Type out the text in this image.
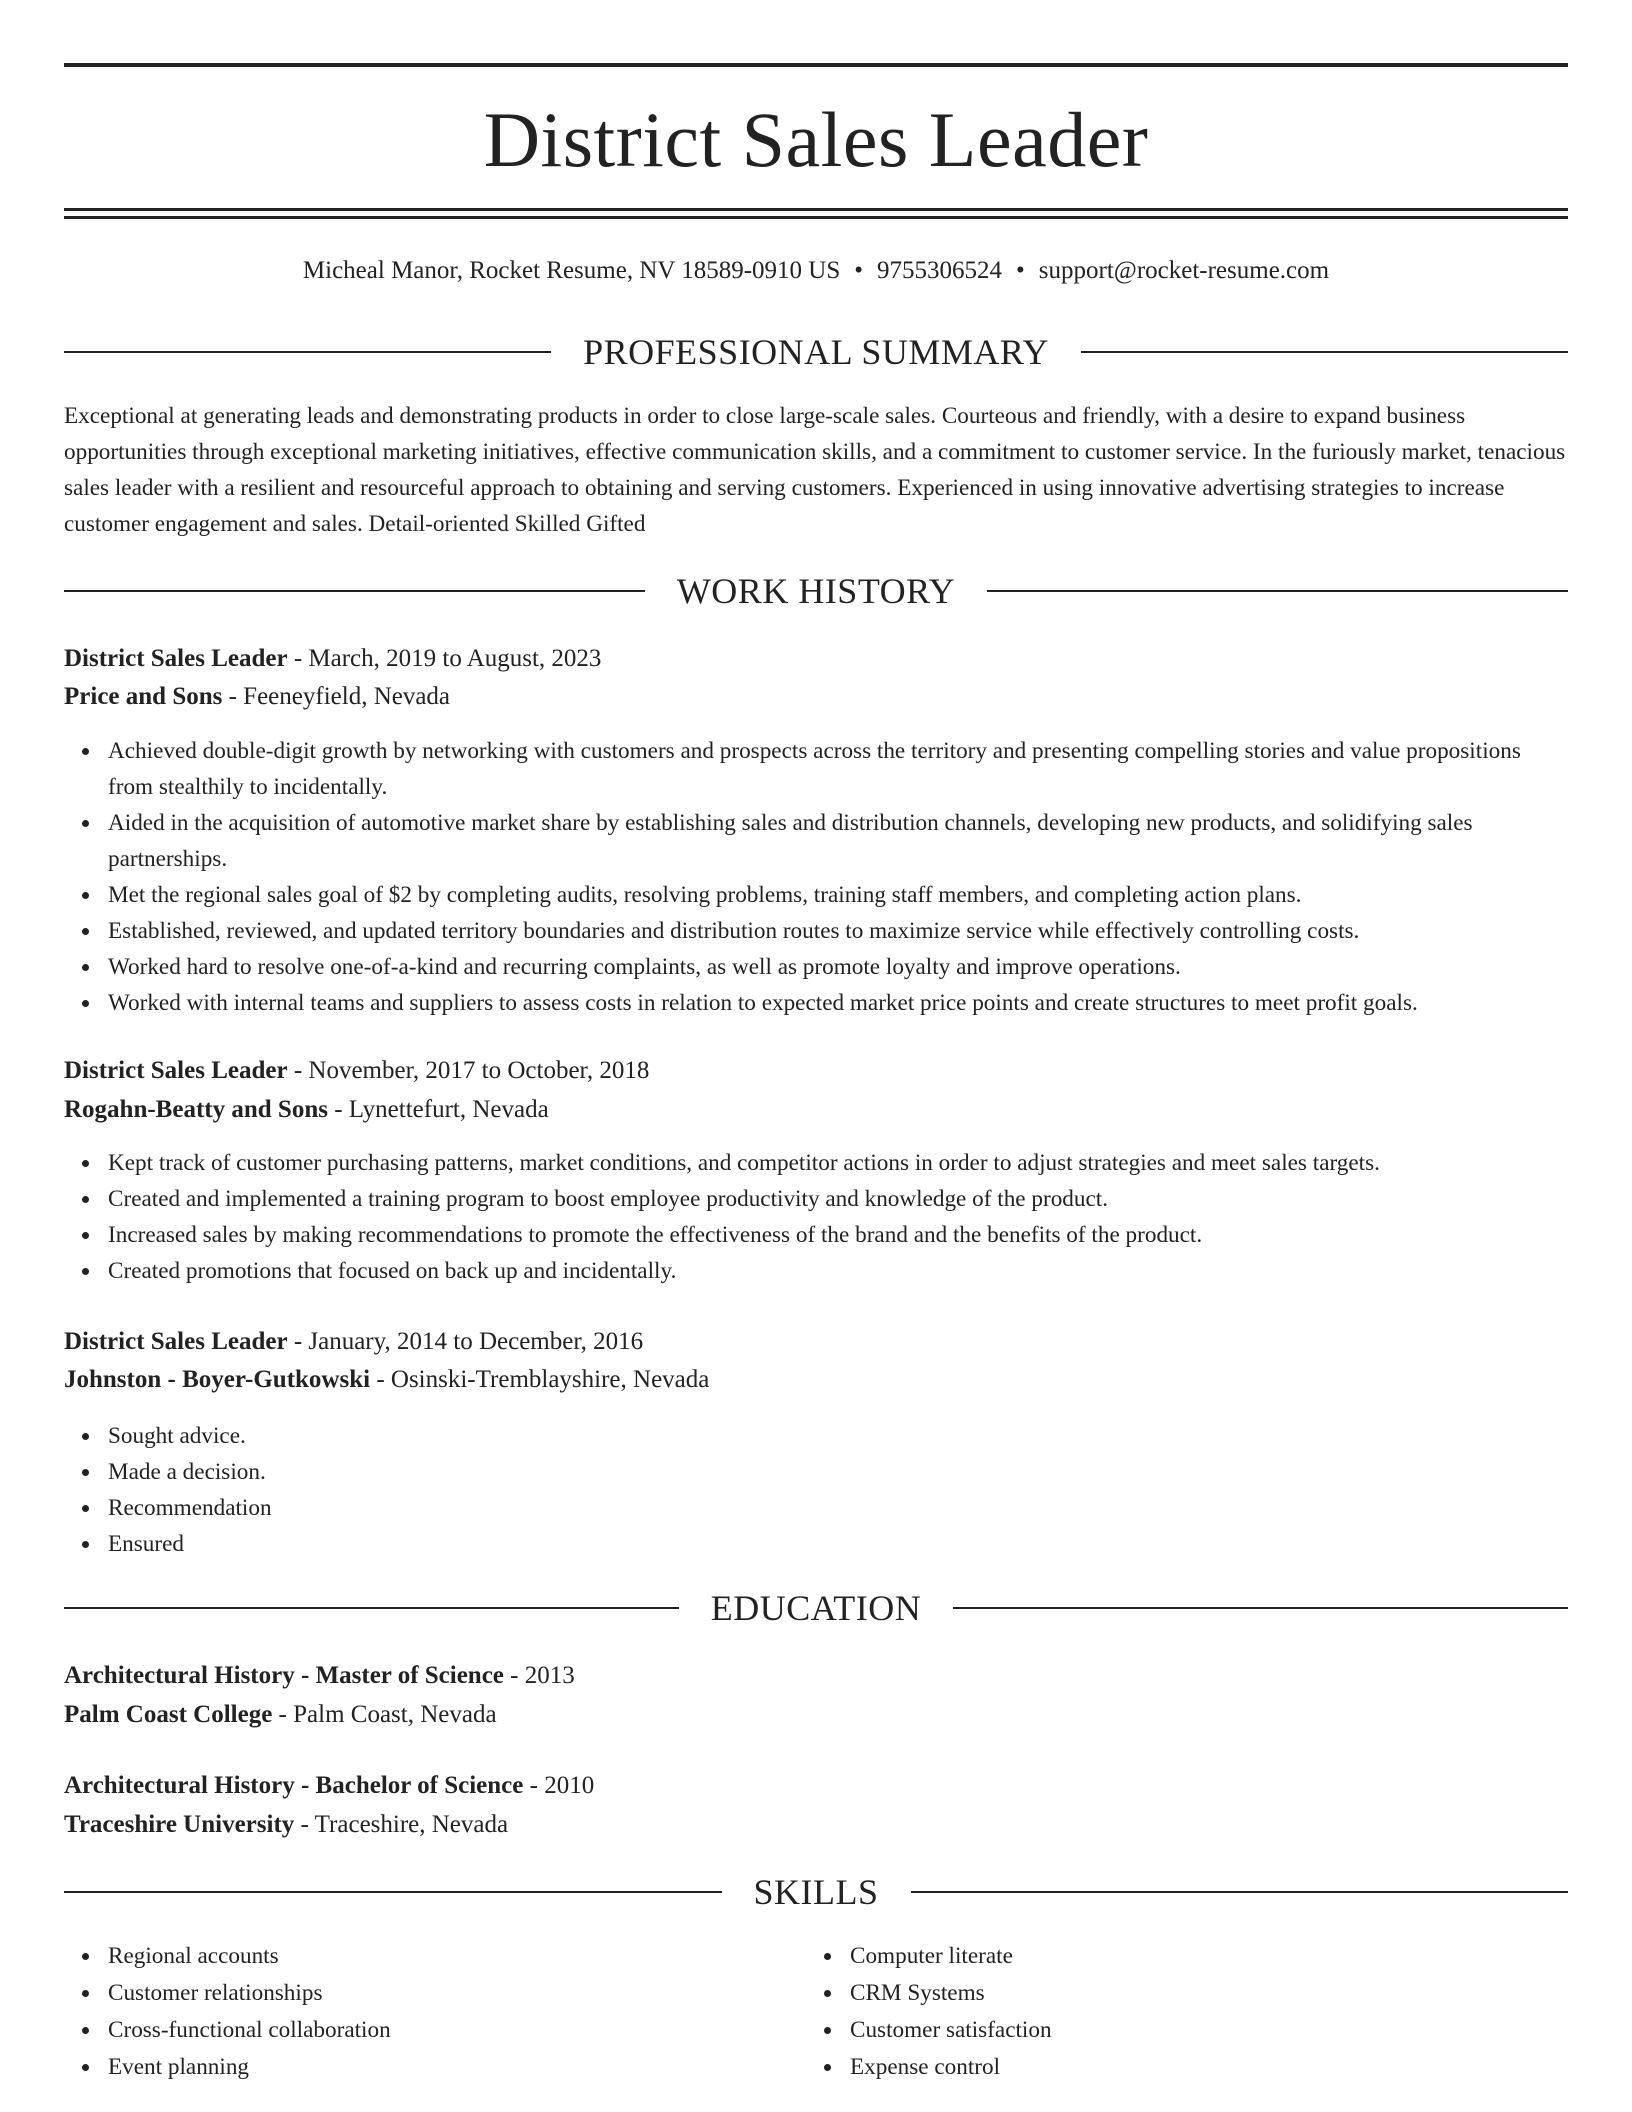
District Sales Leader
Micheal Manor, Rocket Resume, NV 18589-0910 US • 9755306524 • support@rocket-resume.com
PROFESSIONAL SUMMARY

Exceptional at generating leads and demonstrating products in order to close large-scale sales. Courteous and friendly, with a desire to expand business opportunities through exceptional marketing initiatives, effective communication skills, and a commitment to customer service. In the furiously market, tenacious sales leader with a resilient and resourceful approach to obtaining and serving customers. Experienced in using innovative advertising strategies to increase customer engagement and sales. Detail-oriented Skilled Gifted

WORK HISTORY
District Sales Leader - March, 2019 to August, 2023
Price and Sons - Feeneyfield, Nevada
Achieved double-digit growth by networking with customers and prospects across the territory and presenting compelling stories and value propositions from stealthily to incidentally.
Aided in the acquisition of automotive market share by establishing sales and distribution channels, developing new products, and solidifying sales partnerships.
Met the regional sales goal of $2 by completing audits, resolving problems, training staff members, and completing action plans.
Established, reviewed, and updated territory boundaries and distribution routes to maximize service while effectively controlling costs.
Worked hard to resolve one-of-a-kind and recurring complaints, as well as promote loyalty and improve operations.
Worked with internal teams and suppliers to assess costs in relation to expected market price points and create structures to meet profit goals.
District Sales Leader - November, 2017 to October, 2018
Rogahn-Beatty and Sons - Lynettefurt, Nevada
Kept track of customer purchasing patterns, market conditions, and competitor actions in order to adjust strategies and meet sales targets.
Created and implemented a training program to boost employee productivity and knowledge of the product.
Increased sales by making recommendations to promote the effectiveness of the brand and the benefits of the product.
Created promotions that focused on back up and incidentally.
District Sales Leader - January, 2014 to December, 2016
Johnston - Boyer-Gutkowski - Osinski-Tremblayshire, Nevada
Sought advice.
Made a decision.
Recommendation
Ensured
EDUCATION
Architectural History - Master of Science - 2013
Palm Coast College - Palm Coast, Nevada
Architectural History - Bachelor of Science - 2010
Traceshire University - Traceshire, Nevada
SKILLS
Regional accounts
Customer relationships
Cross-functional collaboration
Event planning
Computer literate
CRM Systems
Customer satisfaction
Expense control
